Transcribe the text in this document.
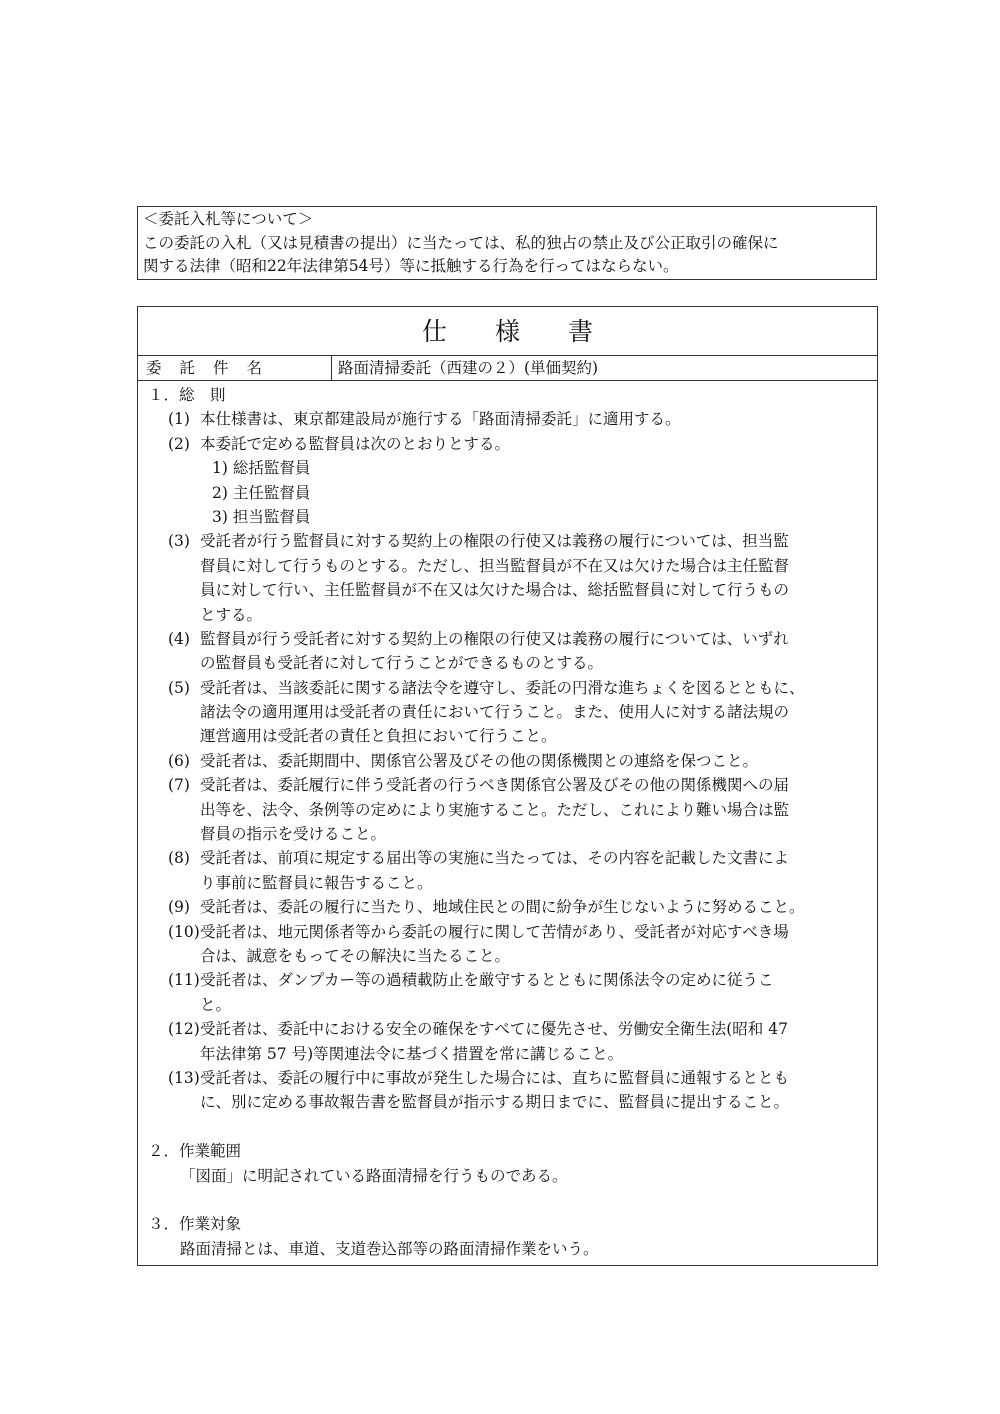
＜委託入札等について＞
この委託の入札（又は見積書の提出）に当たっては、私的独占の禁止及び公正取引の確保に
関する法律（昭和22年法律第54号）等に抵触する行為を行ってはならない。
仕様書
委託件名	路面清掃委託（西建の２）(単価契約)
１．総　則
(1) 本仕様書は、東京都建設局が施行する「路面清掃委託」に適用する。
(2) 本委託で定める監督員は次のとおりとする。
1) 総括監督員
2) 主任監督員
3) 担当監督員
(3) 受託者が行う監督員に対する契約上の権限の行使又は義務の履行については、担当監
督員に対して行うものとする。ただし、担当監督員が不在又は欠けた場合は主任監督
員に対して行い、主任監督員が不在又は欠けた場合は、総括監督員に対して行うもの
とする。
(4) 監督員が行う受託者に対する契約上の権限の行使又は義務の履行については、いずれ
の監督員も受託者に対して行うことができるものとする。
(5) 受託者は、当該委託に関する諸法令を遵守し、委託の円滑な進ちょくを図るとともに、
諸法令の適用運用は受託者の責任において行うこと。また、使用人に対する諸法規の
運営適用は受託者の責任と負担において行うこと。
(6) 受託者は、委託期間中、関係官公署及びその他の関係機関との連絡を保つこと。
(7) 受託者は、委託履行に伴う受託者の行うべき関係官公署及びその他の関係機関への届
出等を、法令、条例等の定めにより実施すること。ただし、これにより難い場合は監
督員の指示を受けること。
(8) 受託者は、前項に規定する届出等の実施に当たっては、その内容を記載した文書によ
り事前に監督員に報告すること。
(9) 受託者は、委託の履行に当たり、地域住民との間に紛争が生じないように努めること。
(10) 受託者は、地元関係者等から委託の履行に関して苦情があり、受託者が対応すべき場
合は、誠意をもってその解決に当たること。
(11) 受託者は、ダンプカー等の過積載防止を厳守するとともに関係法令の定めに従うこ
と。
(12) 受託者は、委託中における安全の確保をすべてに優先させ、労働安全衛生法(昭和 47
年法律第 57 号)等関連法令に基づく措置を常に講じること。
(13) 受託者は、委託の履行中に事故が発生した場合には、直ちに監督員に通報するととも
に、別に定める事故報告書を監督員が指示する期日までに、監督員に提出すること。
２．作業範囲
「図面」に明記されている路面清掃を行うものである。
３．作業対象
路面清掃とは、車道、支道巻込部等の路面清掃作業をいう。
